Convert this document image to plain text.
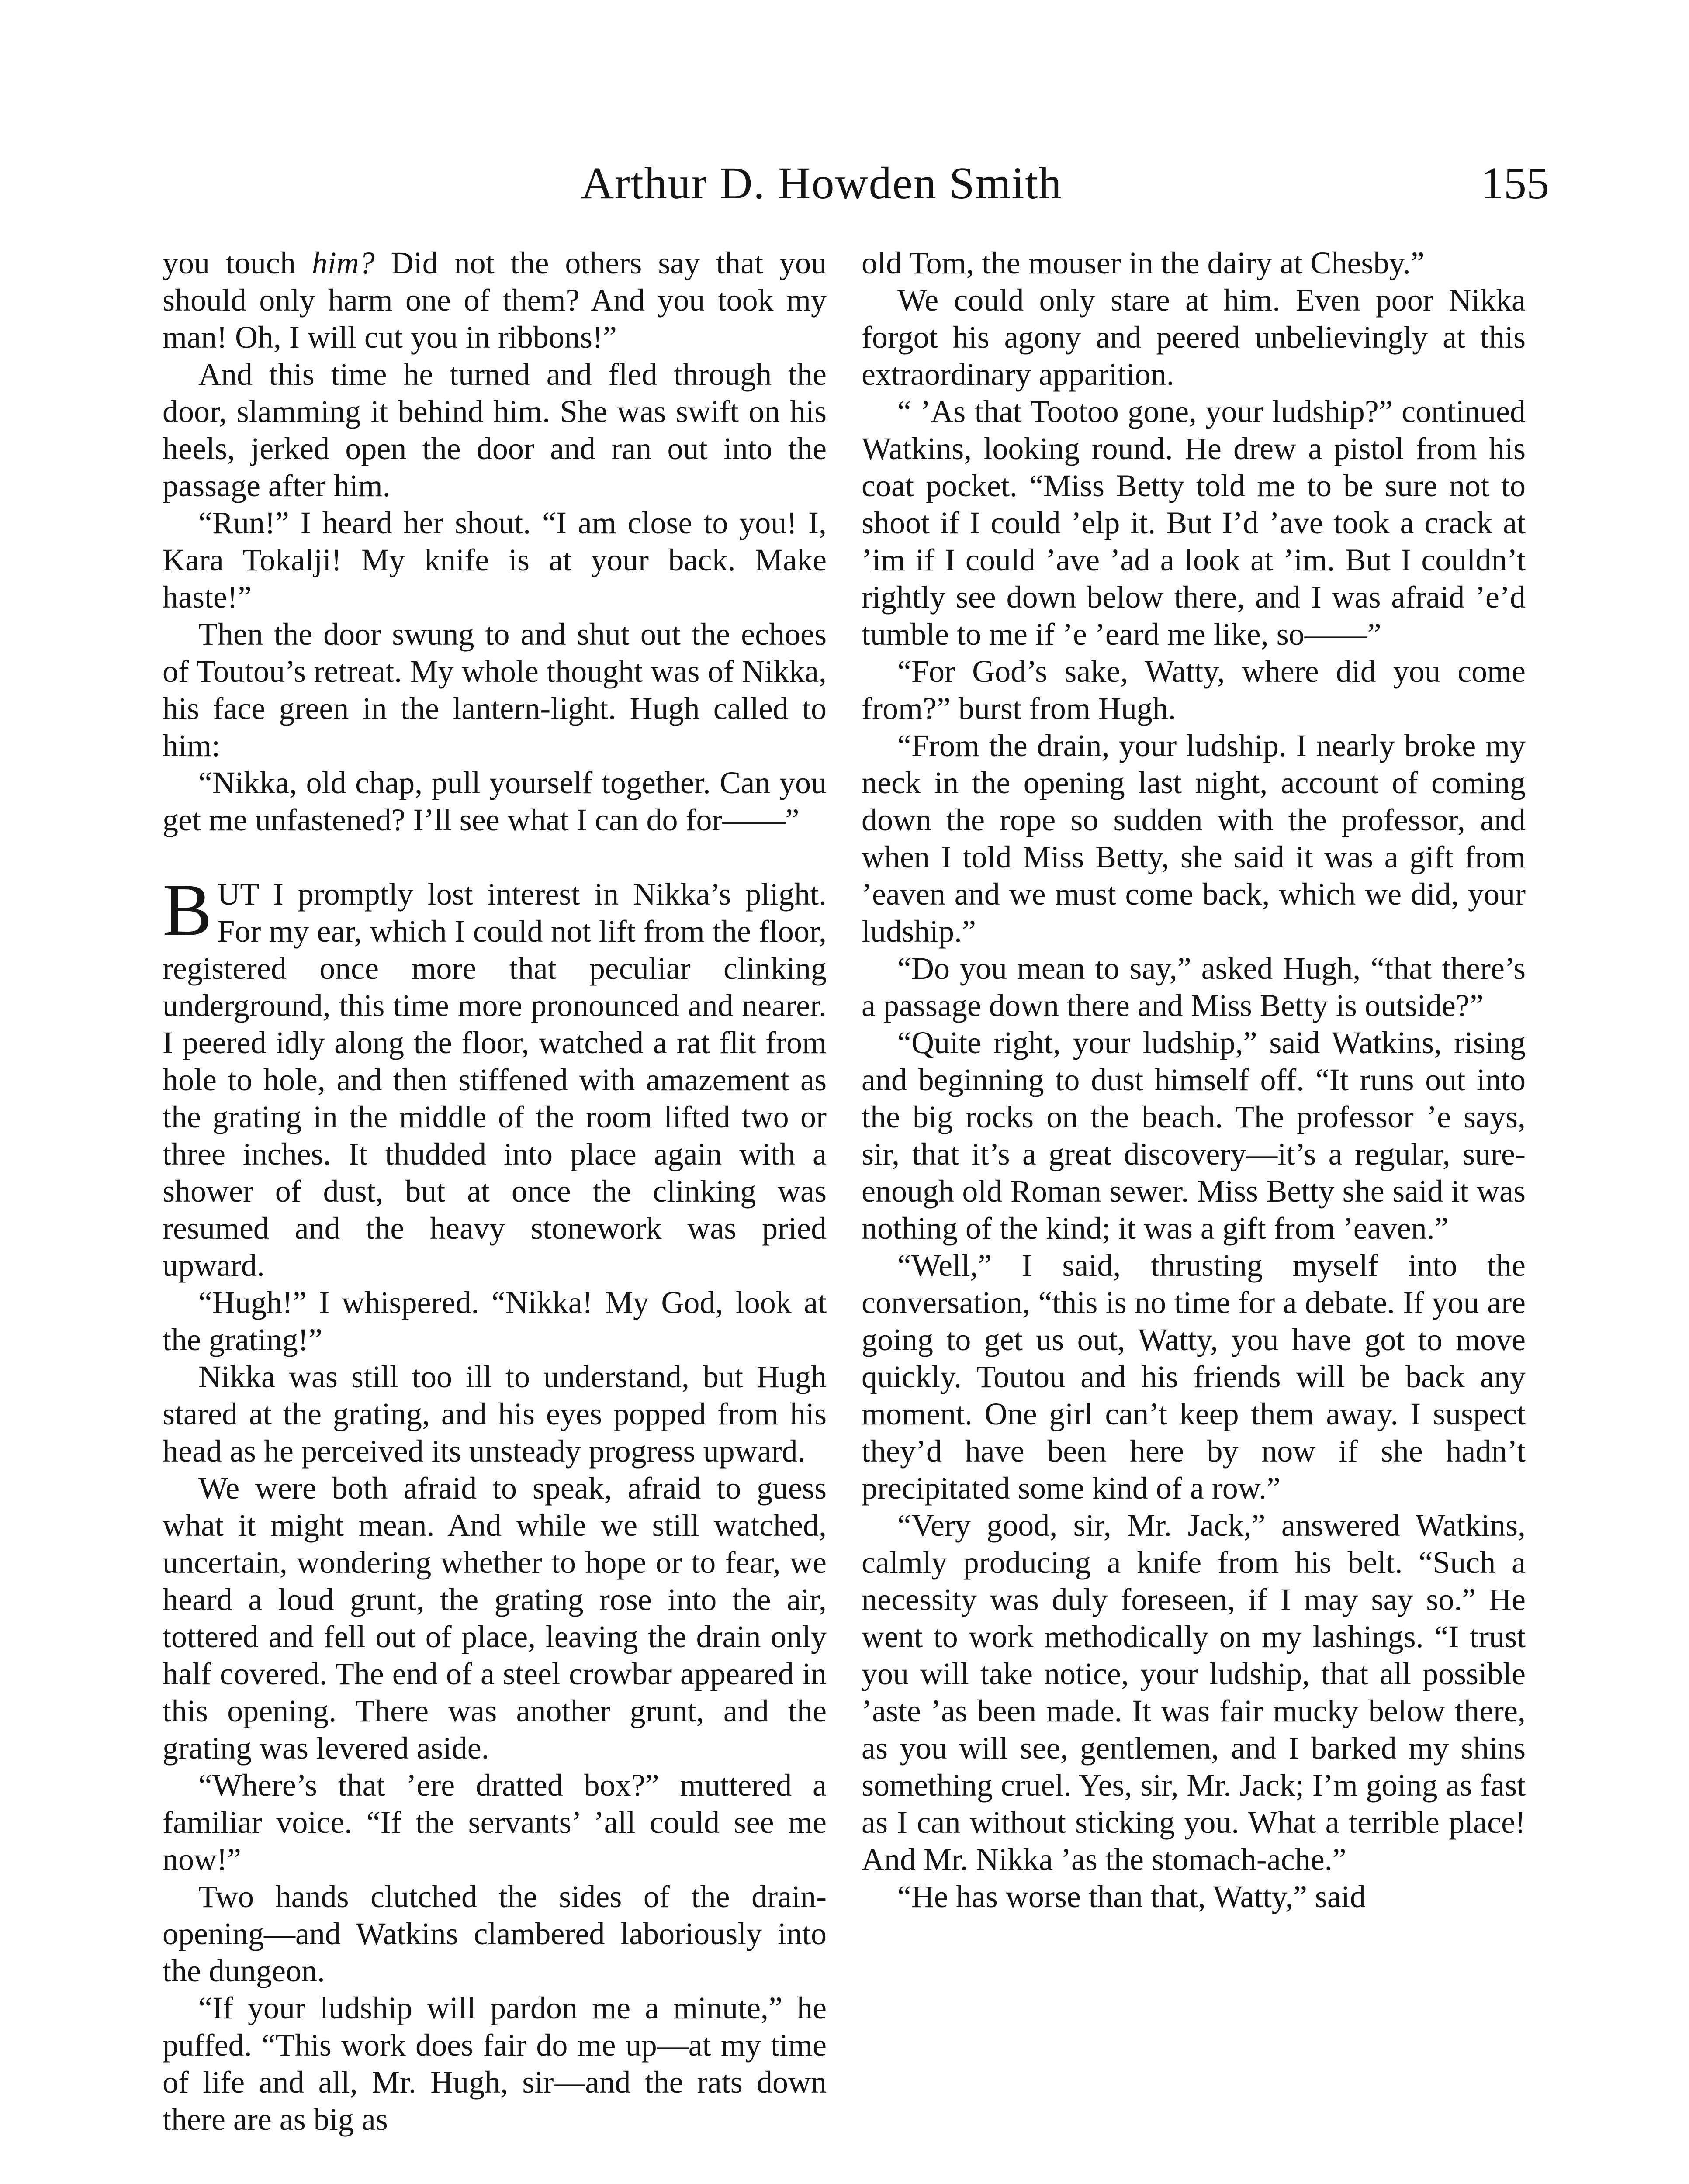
Arthur D. Howden Smith	155

you touch him? Did not the others say that you should only harm one of them? And you took my man! Oh, I will cut you in ribbons!”

And this time he turned and fled through the door, slamming it behind him. She was swift on his heels, jerked open the door and ran out into the passage after him.

“Run!” I heard her shout. “I am close to you! I, Kara Tokalji! My knife is at your back. Make haste!”

Then the door swung to and shut out the echoes of Toutou’s retreat. My whole thought was of Nikka, his face green in the lantern-light. Hugh called to him:

“Nikka, old chap, pull yourself together. Can you get me unfastened? I’ll see what I can do for——”

B UT I promptly lost interest in Nikka’s plight. For my ear, which I could not lift from the floor, registered once more that peculiar clinking underground, this time more pronounced and nearer. I peered idly along the floor, watched a rat flit from hole to hole, and then stiffened with amazement as the grating in the middle of the room lifted two or three inches. It thudded into place again with a shower of dust, but at once the clinking was resumed and the heavy stonework was pried upward.

“Hugh!” I whispered. “Nikka! My God, look at the grating!”

Nikka was still too ill to understand, but Hugh stared at the grating, and his eyes popped from his head as he perceived its unsteady progress upward.

We were both afraid to speak, afraid to guess what it might mean. And while we still watched, uncertain, wondering whether to hope or to fear, we heard a loud grunt, the grating rose into the air, tottered and fell out of place, leaving the drain only half covered. The end of a steel crowbar appeared in this opening. There was another grunt, and the grating was levered aside.

“Where’s that ’ere dratted box?” muttered a familiar voice. “If the servants’ ’all could see me now!”

Two hands clutched the sides of the drain-opening—and Watkins clambered laboriously into the dungeon.

“If your ludship will pardon me a minute,” he puffed. “This work does fair do me up—at my time of life and all, Mr. Hugh, sir—and the rats down there are as big as

old Tom, the mouser in the dairy at Chesby.”

We could only stare at him. Even poor Nikka forgot his agony and peered unbelievingly at this extraordinary apparition.

“ ’As that Tootoo gone, your ludship?” continued Watkins, looking round. He drew a pistol from his coat pocket. “Miss Betty told me to be sure not to shoot if I could ’elp it. But I’d ’ave took a crack at ’im if I could ’ave ’ad a look at ’im. But I couldn’t rightly see down below there, and I was afraid ’e’d tumble to me if ’e ’eard me like, so——”

“For God’s sake, Watty, where did you come from?” burst from Hugh.

“From the drain, your ludship. I nearly broke my neck in the opening last night, account of coming down the rope so sudden with the professor, and when I told Miss Betty, she said it was a gift from ’eaven and we must come back, which we did, your ludship.”

“Do you mean to say,” asked Hugh, “that there’s a passage down there and Miss Betty is outside?”

“Quite right, your ludship,” said Watkins, rising and beginning to dust himself off. “It runs out into the big rocks on the beach. The professor ’e says, sir, that it’s a great discovery—it’s a regular, sure-enough old Roman sewer. Miss Betty she said it was nothing of the kind; it was a gift from ’eaven.”

“Well,” I said, thrusting myself into the conversation, “this is no time for a debate. If you are going to get us out, Watty, you have got to move quickly. Toutou and his friends will be back any moment. One girl can’t keep them away. I suspect they’d have been here by now if she hadn’t precipitated some kind of a row.”

“Very good, sir, Mr. Jack,” answered Watkins, calmly producing a knife from his belt. “Such a necessity was duly foreseen, if I may say so.” He went to work methodically on my lashings. “I trust you will take notice, your ludship, that all possible ’aste ’as been made. It was fair mucky below there, as you will see, gentlemen, and I barked my shins something cruel. Yes, sir, Mr. Jack; I’m going as fast as I can without sticking you. What a terrible place! And Mr. Nikka ’as the stomach-ache.”

“He has worse than that, Watty,” said
